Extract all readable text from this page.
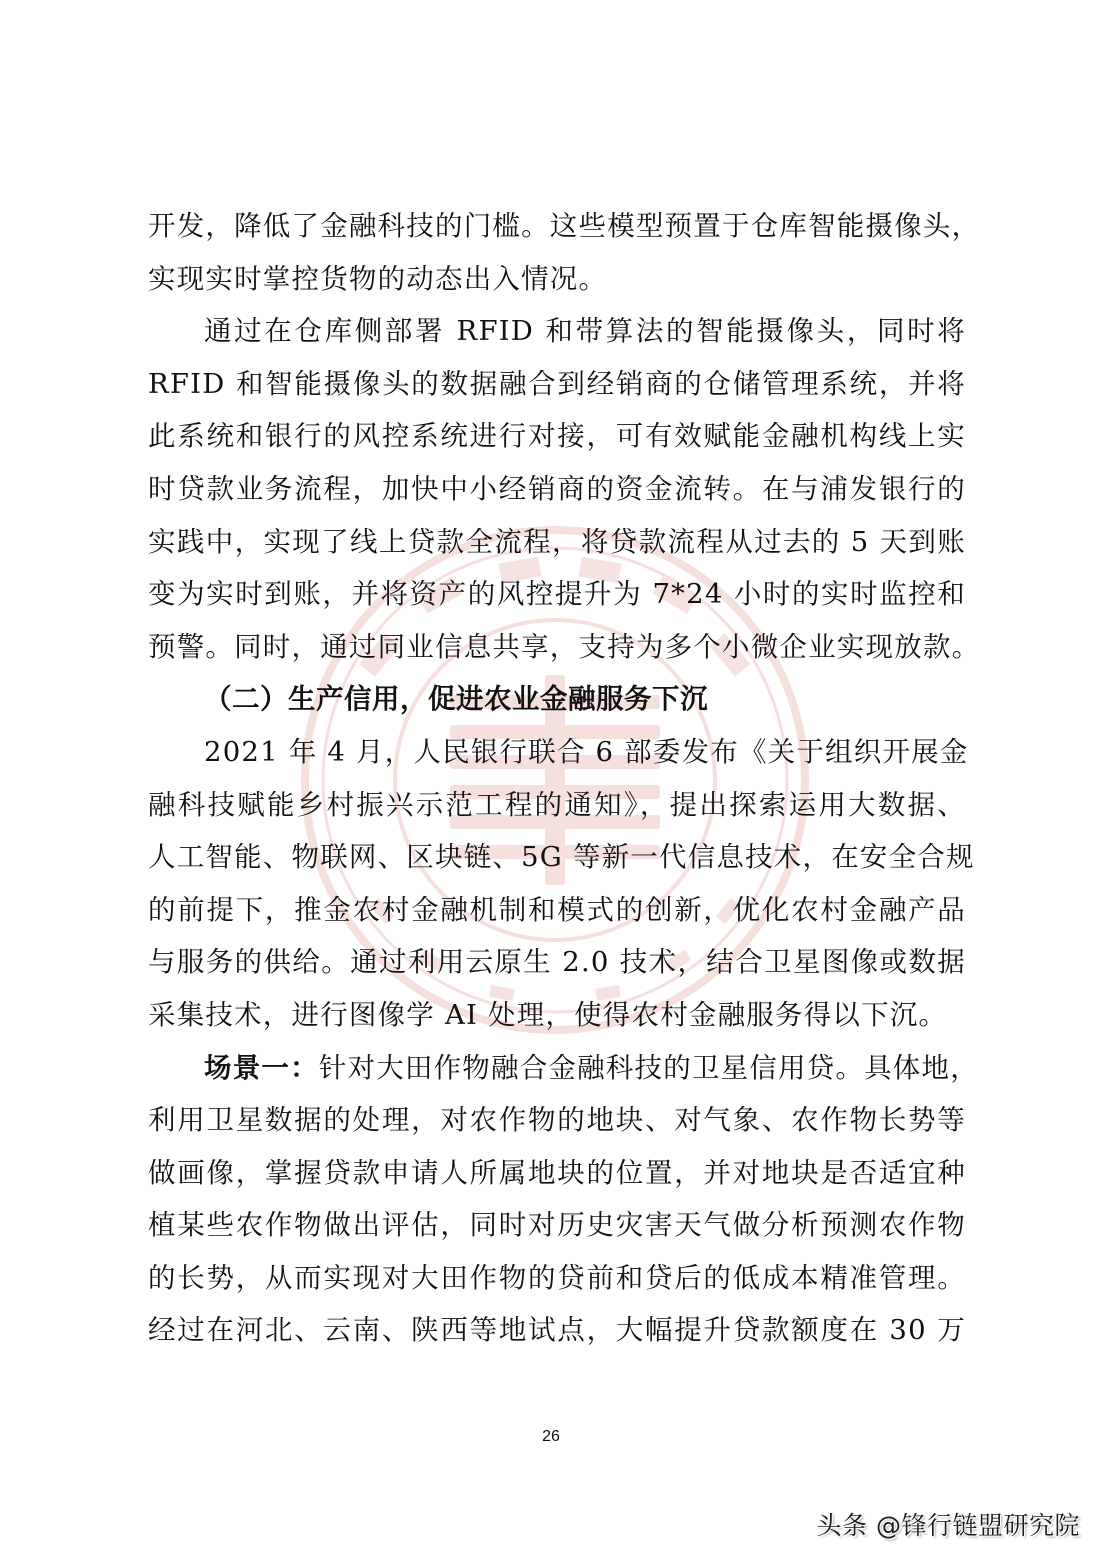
开发，降低了金融科技的门槛。这些模型预置于仓库智能摄像头，
实现实时掌控货物的动态出入情况。
通过在仓库侧部署 RFID 和带算法的智能摄像头，同时将
RFID 和智能摄像头的数据融合到经销商的仓储管理系统，并将
此系统和银行的风控系统进行对接，可有效赋能金融机构线上实
时贷款业务流程，加快中小经销商的资金流转。在与浦发银行的
实践中，实现了线上贷款全流程，将贷款流程从过去的 5 天到账
变为实时到账，并将资产的风控提升为 7*24 小时的实时监控和
预警。同时，通过同业信息共享，支持为多个小微企业实现放款。
（二）生产信用，促进农业金融服务下沉
2021 年 4 月，人民银行联合 6 部委发布《关于组织开展金
融科技赋能乡村振兴示范工程的通知》，提出探索运用大数据、
人工智能、物联网、区块链、5G 等新一代信息技术，在安全合规
的前提下，推金农村金融机制和模式的创新，优化农村金融产品
与服务的供给。通过利用云原生 2.0 技术，结合卫星图像或数据
采集技术，进行图像学 AI 处理，使得农村金融服务得以下沉。
场景一：针对大田作物融合金融科技的卫星信用贷。具体地，
利用卫星数据的处理，对农作物的地块、对气象、农作物长势等
做画像，掌握贷款申请人所属地块的位置，并对地块是否适宜种
植某些农作物做出评估，同时对历史灾害天气做分析预测农作物
的长势，从而实现对大田作物的贷前和贷后的低成本精准管理。
经过在河北、云南、陕西等地试点，大幅提升贷款额度在 30 万
26
头条 @锋行链盟研究院
